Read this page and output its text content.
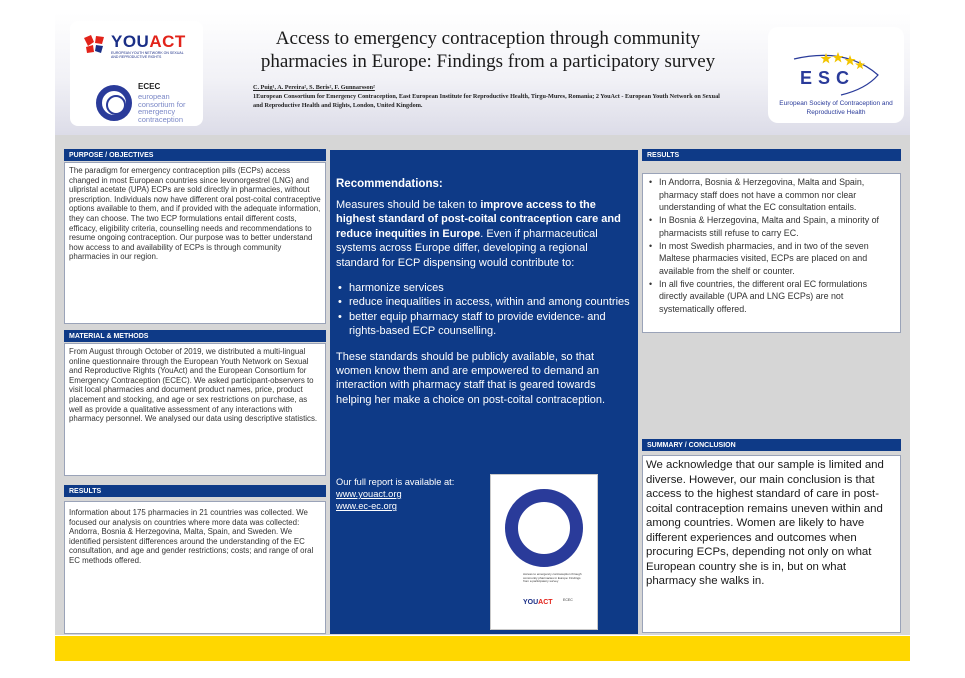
YOUACT
EUROPEAN YOUTH NETWORK ON SEXUAL AND REPRODUCTIVE RIGHTS
ECEC
european consortium for emergency contraception
Access to emergency contraception through community pharmacies in Europe: Findings from a participatory survey
C. Puig¹, A. Pereira², S. Beris², F. Gunnarsson²
1European Consortium for Emergency Contraception, East European Institute for Reproductive Health, Tirgu-Mures, Romania; 2 YouAct - European Youth Network on Sexual and Reproductive Health and Rights, London, United Kingdom.
ESC
European Society of Contraception and Reproductive Health
PURPOSE / OBJECTIVES
The paradigm for emergency contraception pills (ECPs) access changed in most European countries since levonorgestrel (LNG) and ulipristal acetate (UPA) ECPs are sold directly in pharmacies, without prescription. Individuals now have different oral post-coital contraceptive options available to them, and if provided with the adequate information, they can choose. The two ECP formulations entail different costs, efficacy, eligibility criteria, counselling needs and recommendations to resume ongoing contraception. Our purpose was to better understand how access to and availability of ECPs is through community pharmacies in our region.
MATERIAL & METHODS
From August through October of 2019, we distributed a multi-lingual online questionnaire through the European Youth Network on Sexual and Reproductive Rights (YouAct) and the European Consortium for Emergency Contraception (ECEC). We asked participant-observers to visit local pharmacies and document product names, price, product placement and stocking, and age or sex restrictions on purchase, as well as provide a qualitative assessment of any interactions with pharmacy personnel. We analysed our data using descriptive statistics.
RESULTS
Information about 175 pharmacies in 21 countries was collected. We focused our analysis on countries where more data was collected: Andorra, Bosnia & Herzegovina, Malta, Spain, and Sweden. We identified persistent differences around the understanding of the EC consultation, and age and gender restrictions; costs; and range of oral EC methods offered.
Recommendations:
Measures should be taken to improve access to the highest standard of post-coital contraception care and reduce inequities in Europe. Even if pharmaceutical systems across Europe differ, developing a regional standard for ECP dispensing would contribute to:
• harmonize services
• reduce inequalities in access, within and among countries
• better equip pharmacy staff to provide evidence- and rights-based ECP counselling.
These standards should be publicly available, so that women know them and are empowered to demand an interaction with pharmacy staff that is geared towards helping her make a choice on post-coital contraception.
Our full report is available at:
www.youact.org
www.ec-ec.org
Access to emergency contraception through community pharmacies in Europe: Findings from a participatory survey
YOUACT	ECEC
RESULTS
• In Andorra, Bosnia & Herzegovina, Malta and Spain, pharmacy staff does not have a common nor clear understanding of what the EC consultation entails.
• In Bosnia & Herzegovina, Malta and Spain, a minority of pharmacists still refuse to carry EC.
• In most Swedish pharmacies, and in two of the seven Maltese pharmacies visited, ECPs are placed on and available from the shelf or counter.
• In all five countries, the different oral EC formulations directly available (UPA and LNG ECPs) are not systematically offered.
SUMMARY / CONCLUSION
We acknowledge that our sample is limited and diverse. However, our main conclusion is that access to the highest standard of care in post-coital contraception remains uneven within and among countries. Women are likely to have different experiences and outcomes when procuring ECPs, depending not only on what European country she is in, but on what pharmacy she walks in.
